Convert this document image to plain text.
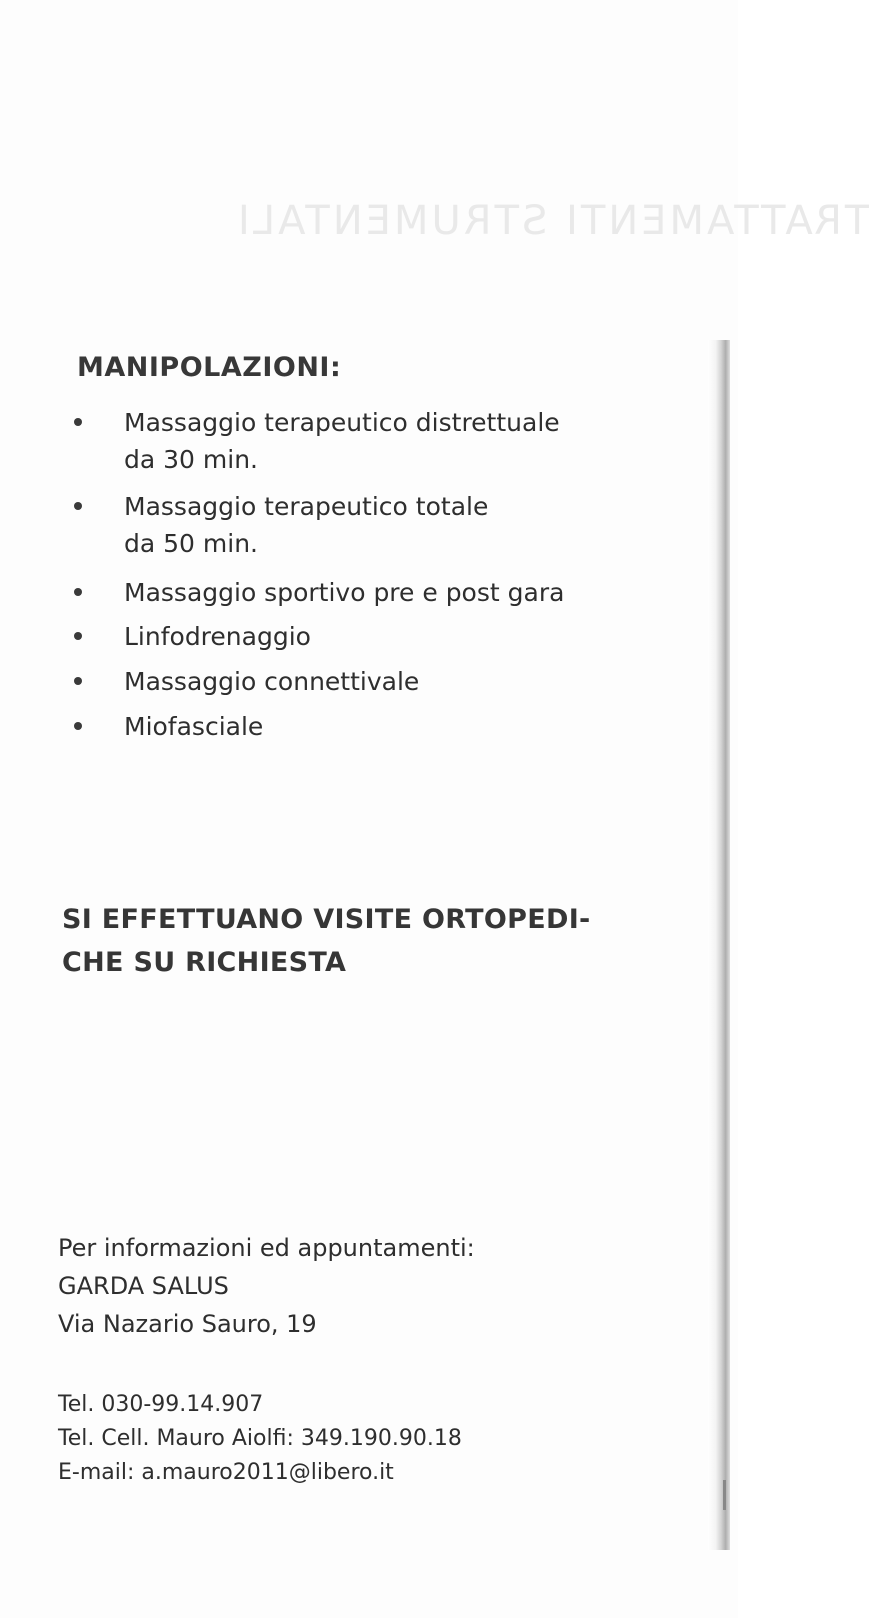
TRATTAMENTI STRUMENTALI
MANIPOLAZIONI:
Massaggio terapeutico distrettuale
da 30 min.
Massaggio terapeutico totale
da 50 min.
Massaggio sportivo pre e post gara
Linfodrenaggio
Massaggio connettivale
Miofasciale
SI EFFETTUANO VISITE ORTOPEDI-
CHE SU RICHIESTA
Per informazioni ed appuntamenti:
GARDA SALUS
Via Nazario Sauro, 19
Tel. 030-99.14.907
Tel. Cell. Mauro Aiolfi: 349.190.90.18
E-mail: a.mauro2011@libero.it
